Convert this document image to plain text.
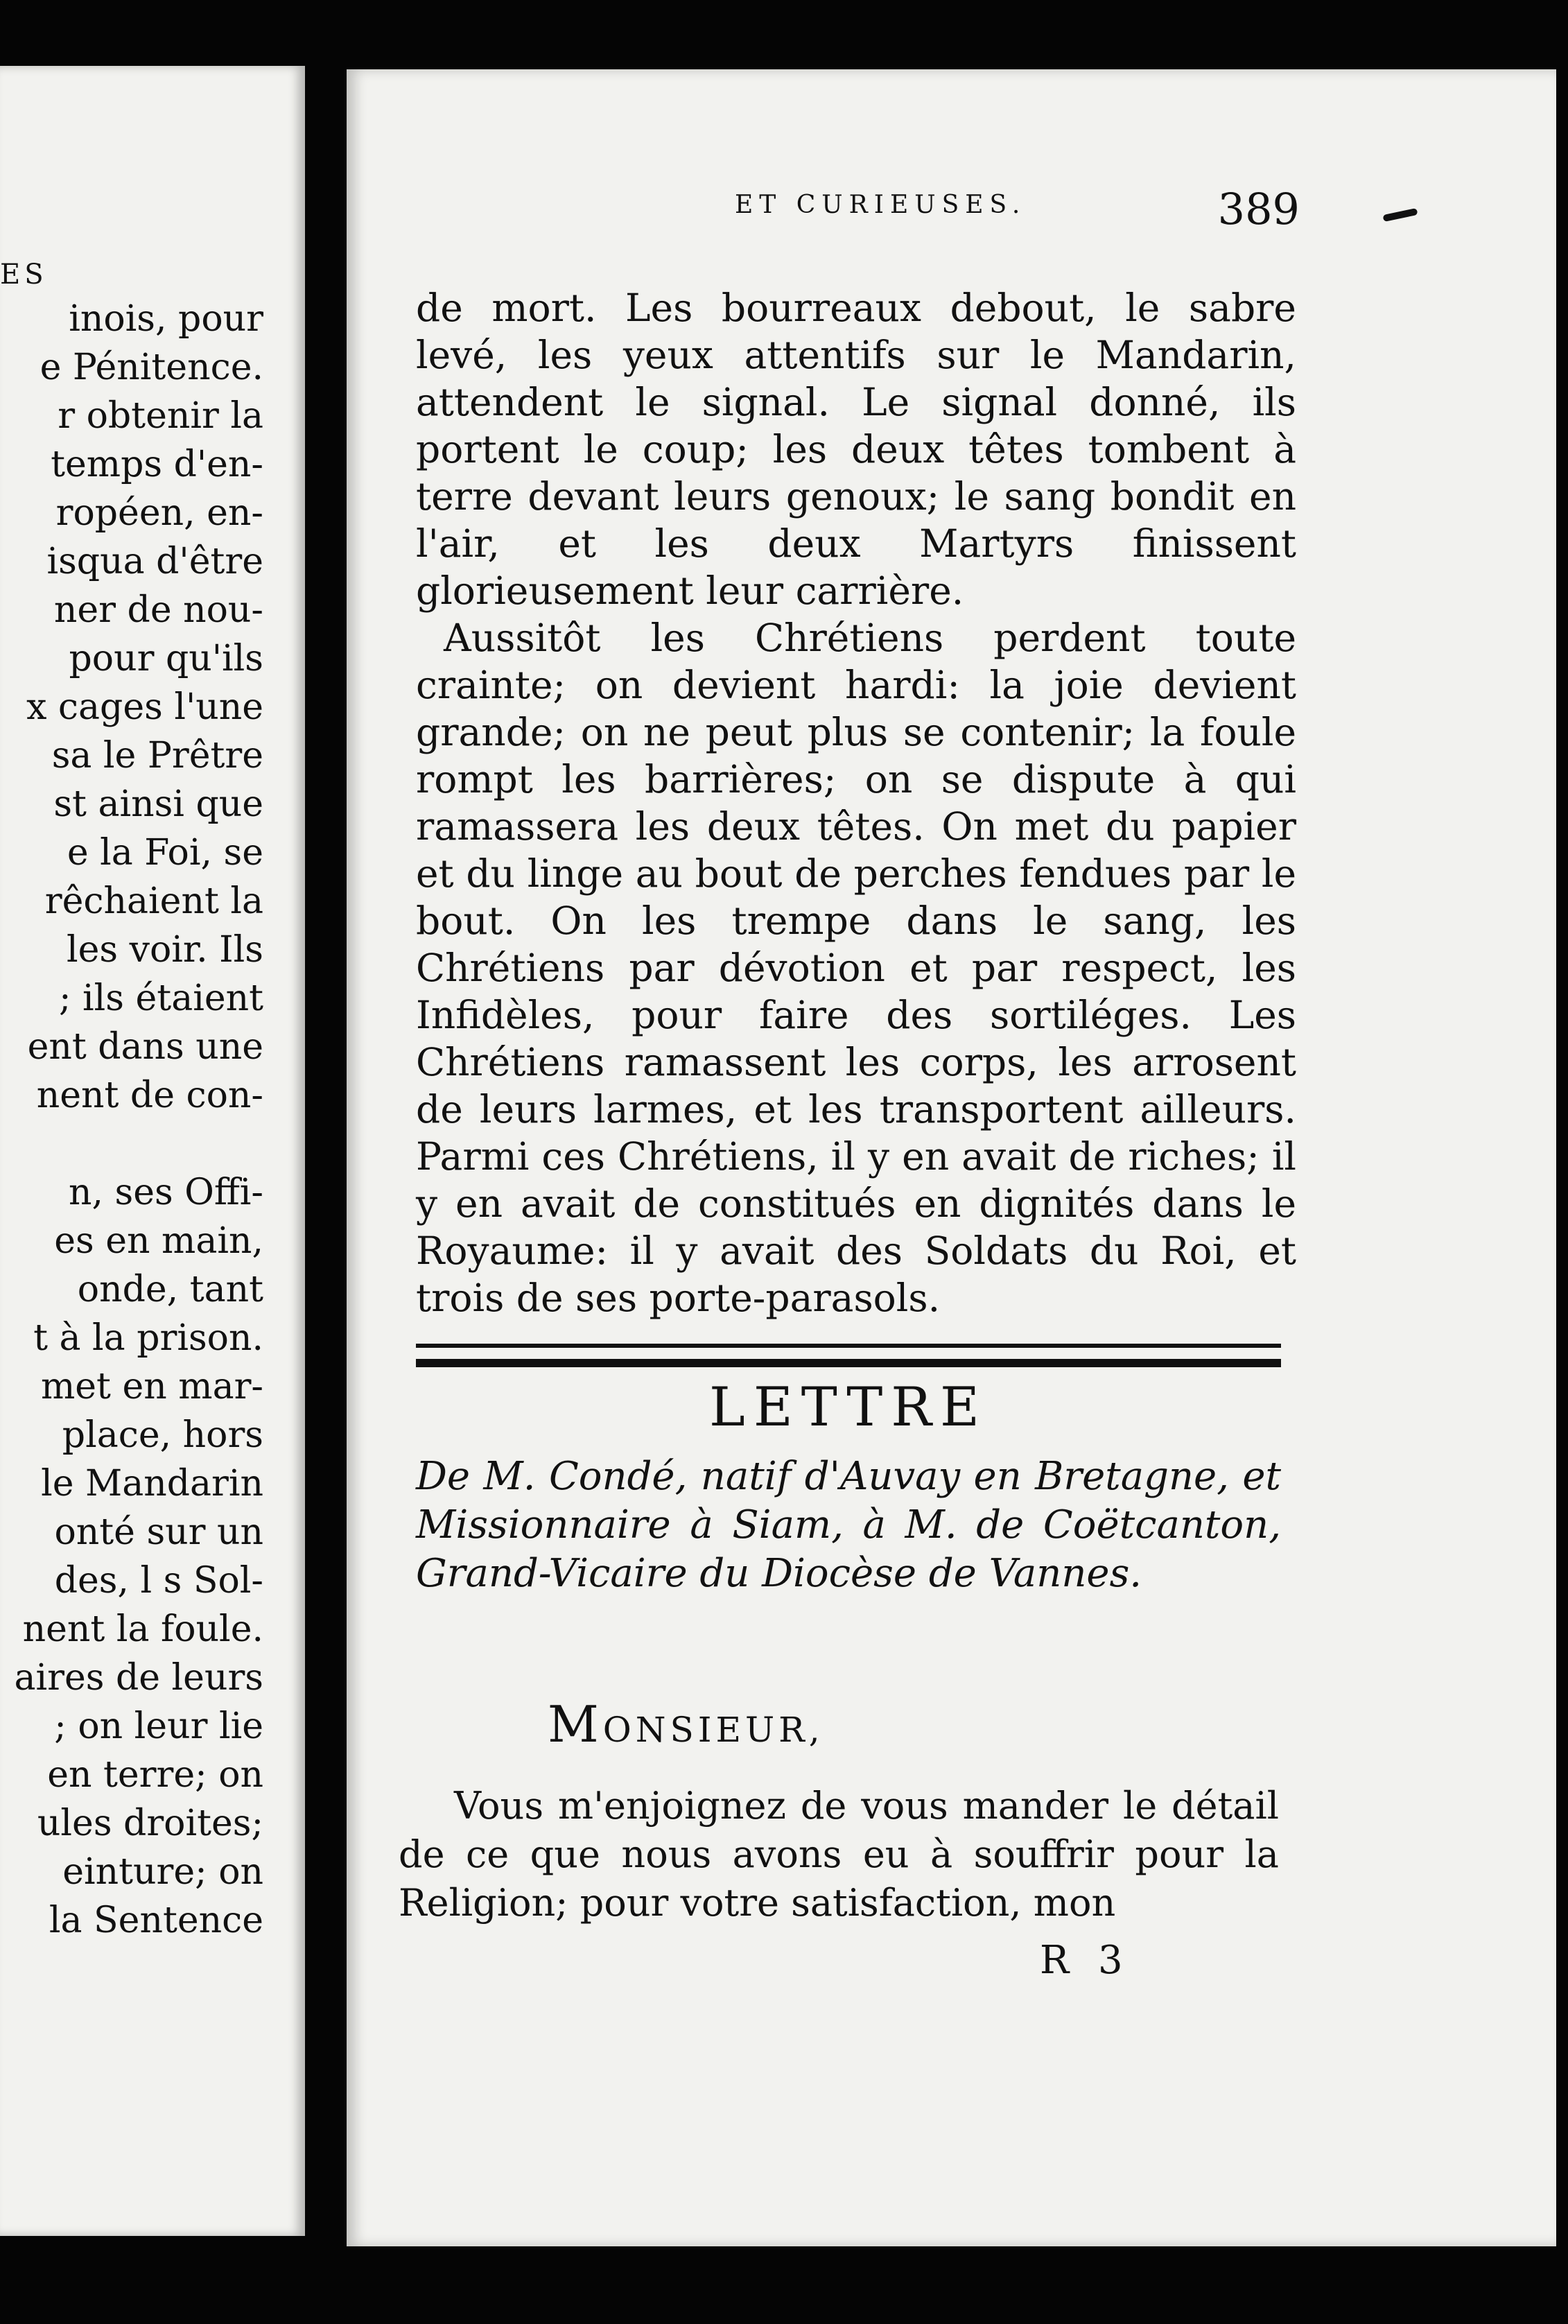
ES
inois, pour
e Pénitence.
r obtenir la
temps d'en-
ropéen, en-
isqua d'être
ner de nou-
pour qu'ils
x cages l'une
sa le Prêtre
st ainsi que
e la Foi, se
rêchaient la
les voir. Ils
; ils étaient
ent dans une
nent de con-
n, ses Offi-
es en main,
onde, tant
t à la prison.
met en mar-
place, hors
le Mandarin
onté sur un
des, l s Sol-
nent la foule.
aires de leurs
; on leur lie
en terre; on
ules droites;
einture; on
la Sentence
ET CURIEUSES.	389

de mort. Les bourreaux debout, le sabre levé, les yeux attentifs sur le Mandarin, attendent le signal. Le signal donné, ils portent le coup; les deux têtes tombent à terre devant leurs genoux; le sang bondit en l'air, et les deux Martyrs finissent glorieusement leur carrière.

Aussitôt les Chrétiens perdent toute crainte; on devient hardi: la joie devient grande; on ne peut plus se contenir; la foule rompt les barrières; on se dispute à qui ramassera les deux têtes. On met du papier et du linge au bout de perches fendues par le bout. On les trempe dans le sang, les Chrétiens par dévotion et par respect, les Infidèles, pour faire des sortiléges. Les Chrétiens ramassent les corps, les arrosent de leurs larmes, et les transportent ailleurs. Parmi ces Chrétiens, il y en avait de riches; il y en avait de constitués en dignités dans le Royaume: il y avait des Soldats du Roi, et trois de ses porte-parasols.

LETTRE
De M. Condé, natif d'Auvay en Bretagne, et Missionnaire à Siam, à M. de Coëtcanton, Grand-Vicaire du Diocèse de Vannes.
MONSIEUR,

Vous m'enjoignez de vous mander le détail de ce que nous avons eu à souffrir pour la Religion; pour votre satisfaction, mon

R 3
